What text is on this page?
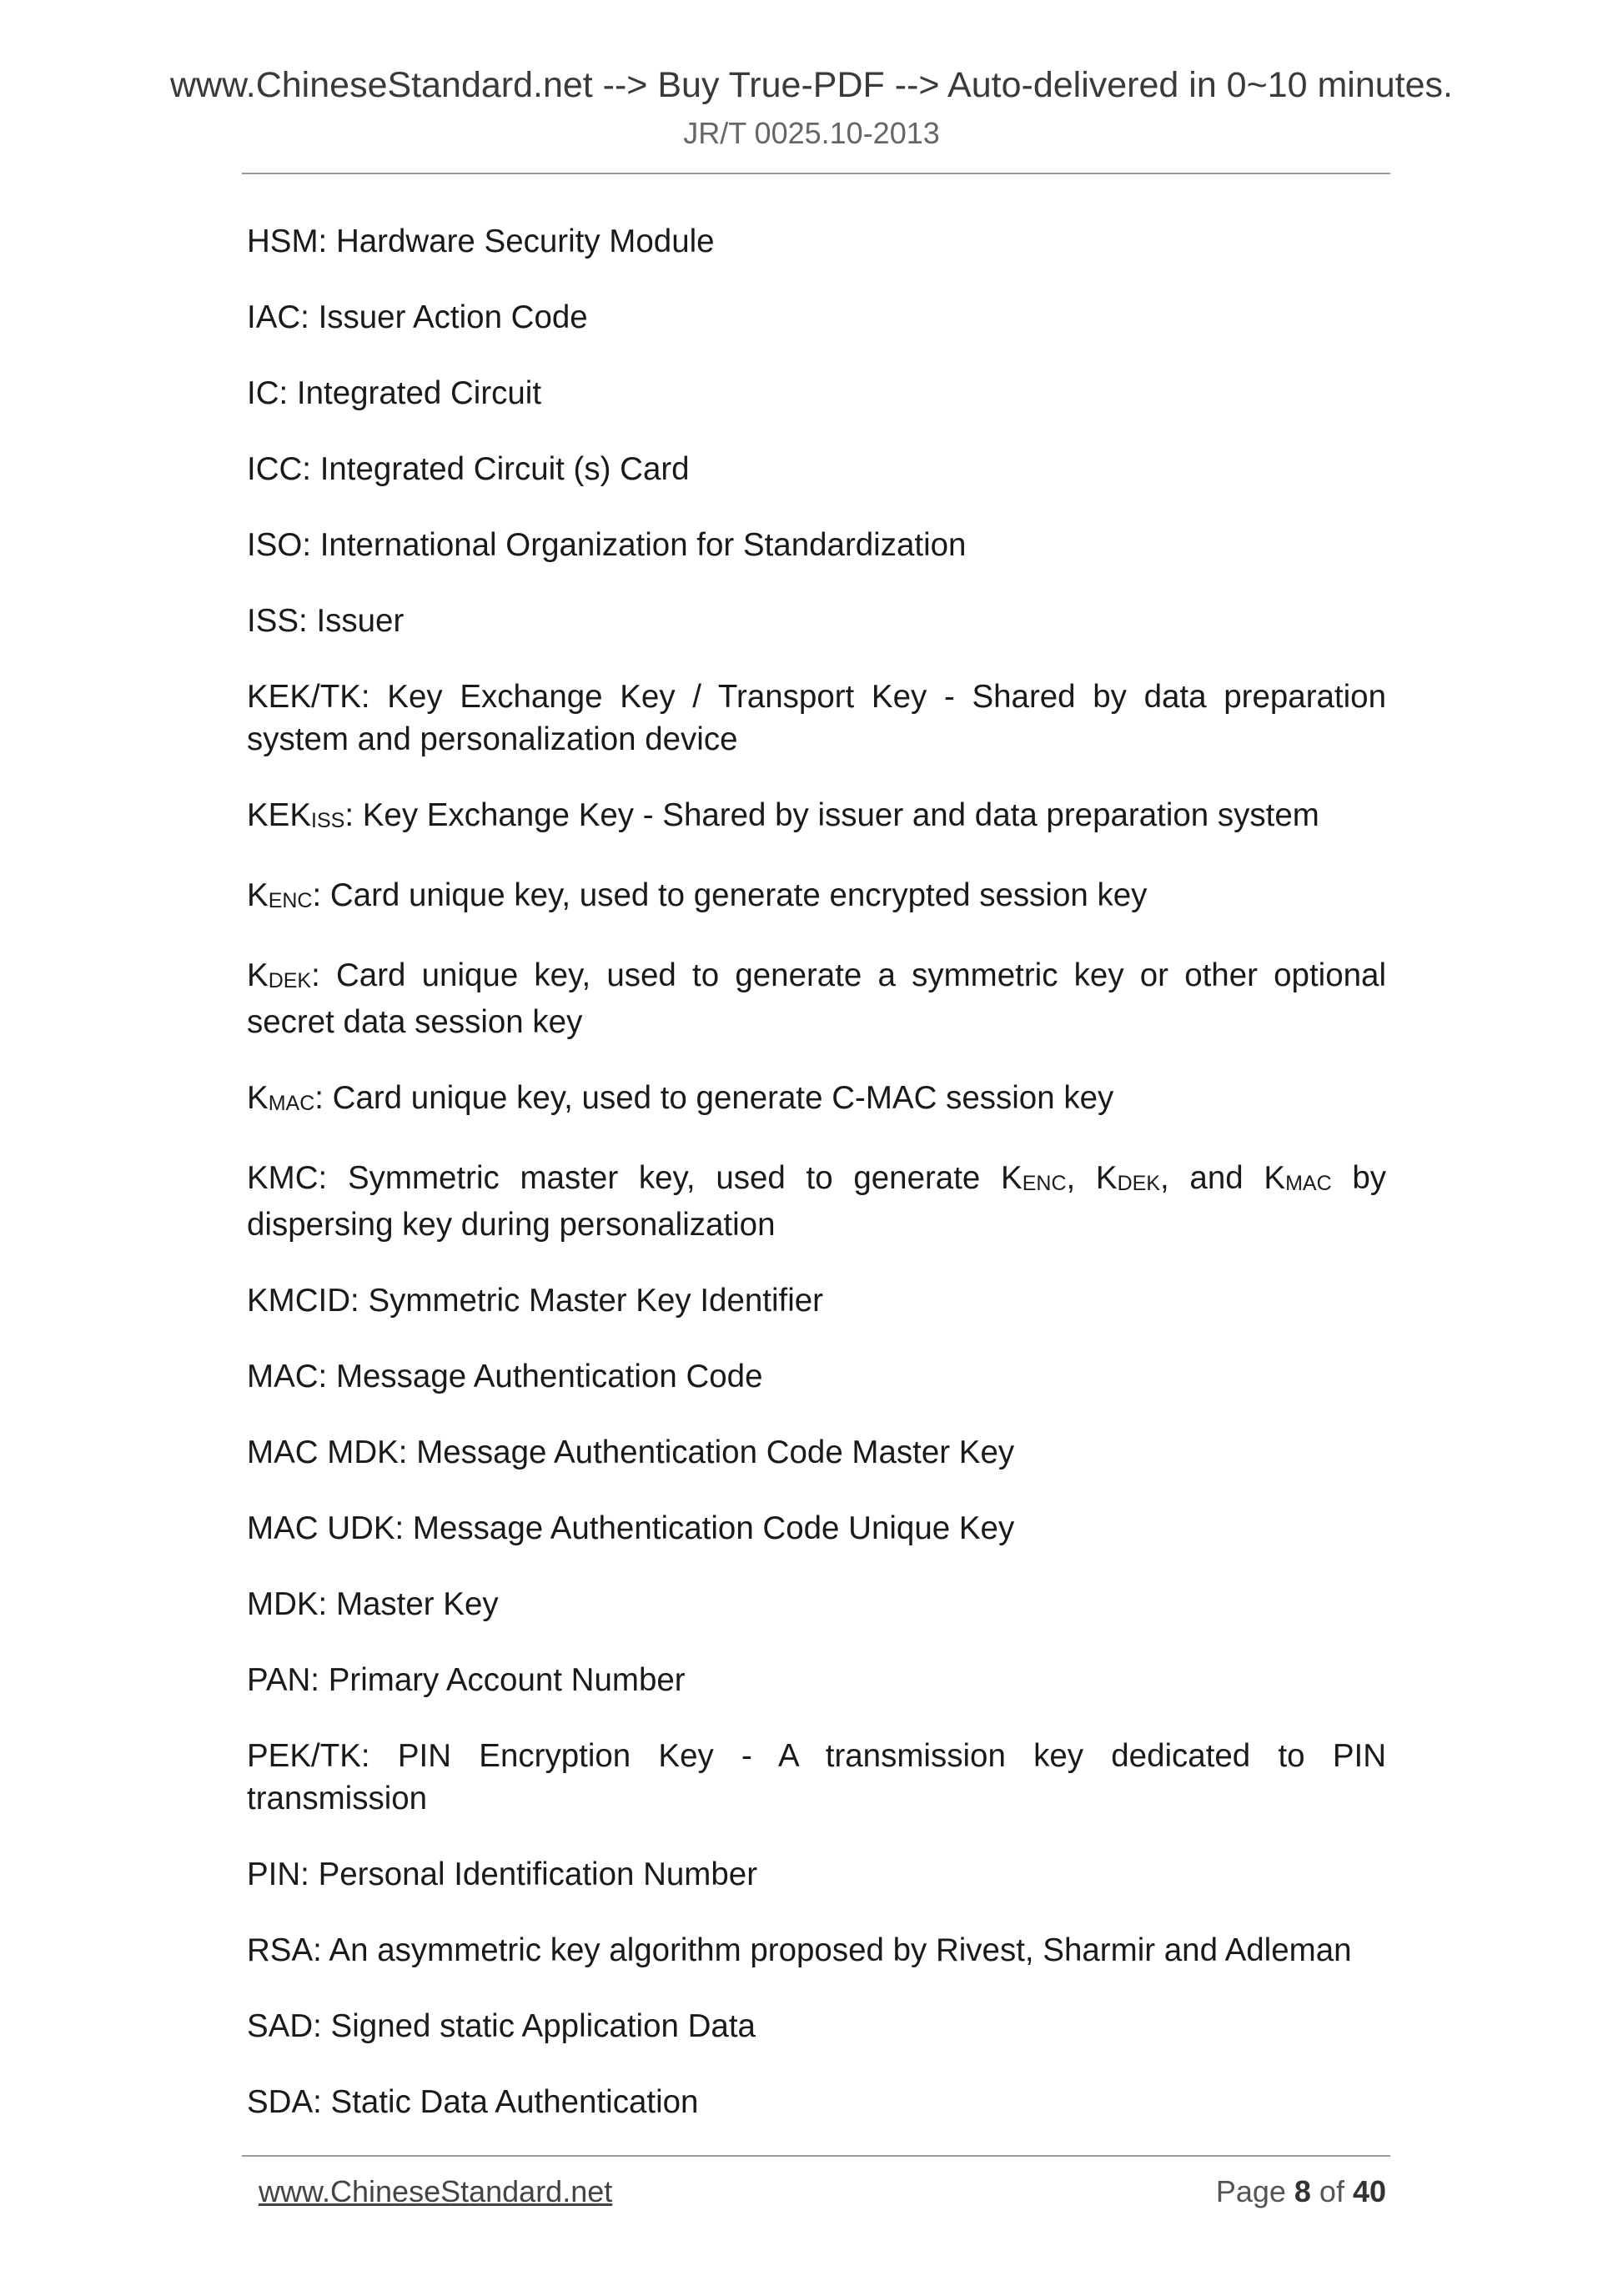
www.ChineseStandard.net --> Buy True-PDF --> Auto-delivered in 0~10 minutes.
JR/T 0025.10-2013

HSM: Hardware Security Module

IAC: Issuer Action Code

IC: Integrated Circuit

ICC: Integrated Circuit (s) Card

ISO: International Organization for Standardization

ISS: Issuer

KEK/TK: Key Exchange Key / Transport Key - Shared by data preparation system and personalization device

$KEK_{ISS}$: Key Exchange Key - Shared by issuer and data preparation system

$K_{ENC}$: Card unique key, used to generate encrypted session key

$K_{DEK}$: Card unique key, used to generate a symmetric key or other optional secret data session key

$K_{MAC}$: Card unique key, used to generate C-MAC session key

KMC: Symmetric master key, used to generate $K_{ENC}$, $K_{DEK}$, and $K_{MAC}$ by dispersing key during personalization

KMCID: Symmetric Master Key Identifier

MAC: Message Authentication Code

MAC MDK: Message Authentication Code Master Key

MAC UDK: Message Authentication Code Unique Key

MDK: Master Key

PAN: Primary Account Number

PEK/TK: PIN Encryption Key - A transmission key dedicated to PIN transmission

PIN: Personal Identification Number

RSA: An asymmetric key algorithm proposed by Rivest, Sharmir and Adleman

SAD: Signed static Application Data

SDA: Static Data Authentication

www.ChineseStandard.net	Page 8 of 40
